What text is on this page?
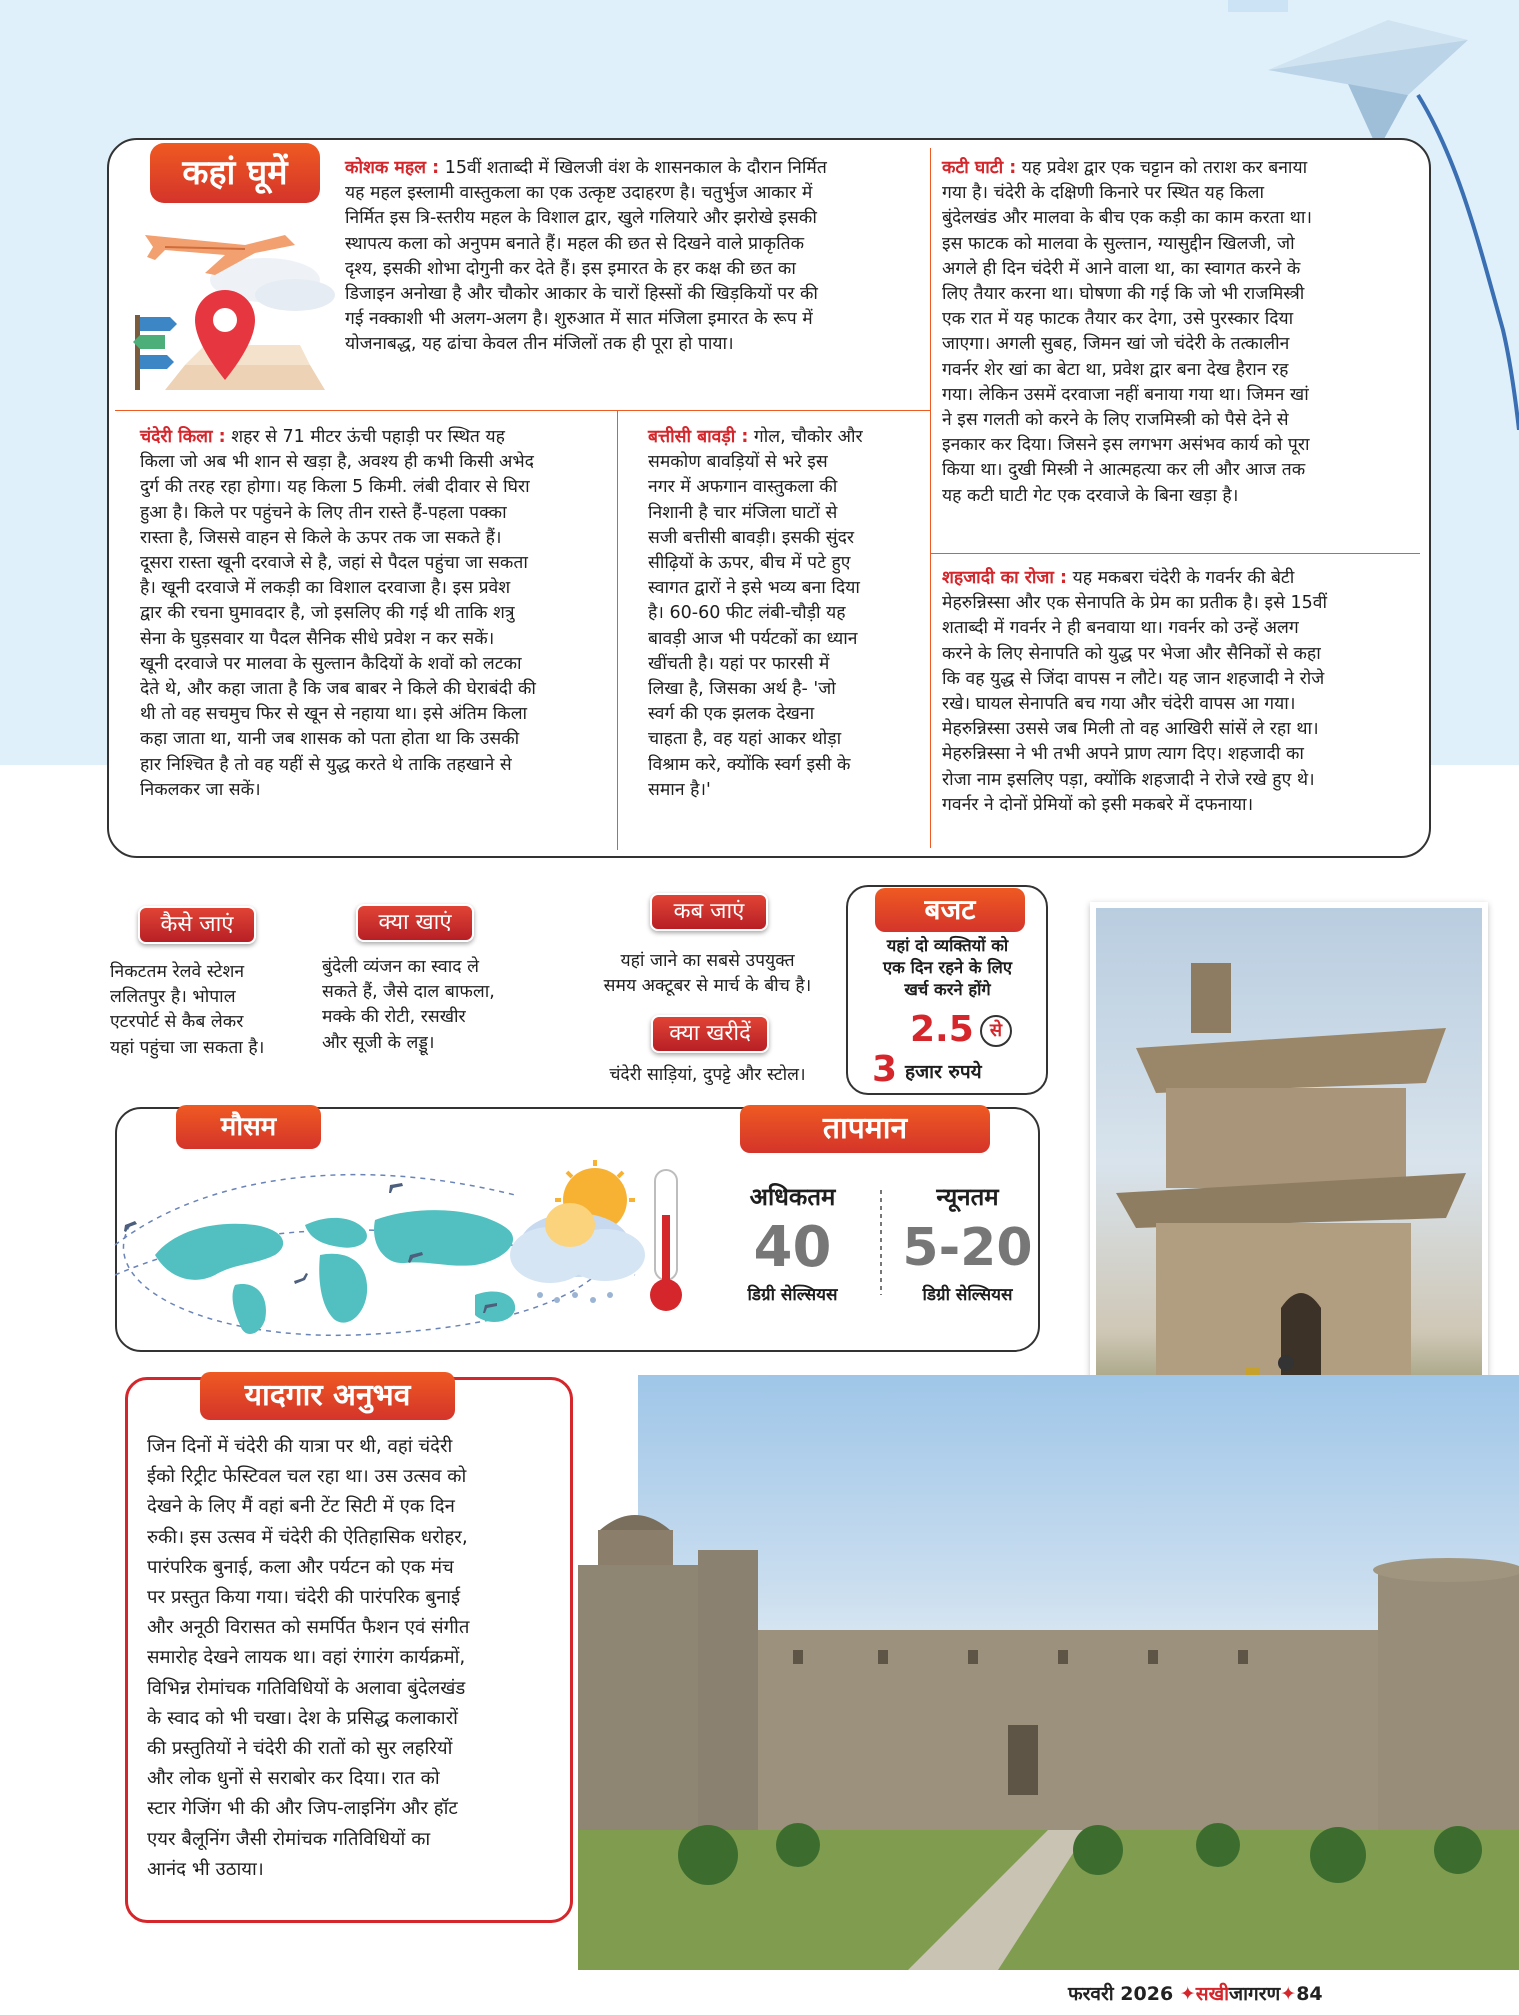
कहां घूमें	कोशक महल : 15वीं शताब्दी में खिलजी वंश के शासनकाल के दौरान निर्मित
यह महल इस्लामी वास्तुकला का एक उत्कृष्ट उदाहरण है। चतुर्भुज आकार में
निर्मित इस त्रि-स्तरीय महल के विशाल द्वार, खुले गलियारे और झरोखे इसकी
स्थापत्य कला को अनुपम बनाते हैं। महल की छत से दिखने वाले प्राकृतिक
दृश्य, इसकी शोभा दोगुनी कर देते हैं। इस इमारत के हर कक्ष की छत का
डिजाइन अनोखा है और चौकोर आकार के चारों हिस्सों की खिड़कियों पर की
गई नक्काशी भी अलग-अलग है। शुरुआत में सात मंजिला इमारत के रूप में
योजनाबद्ध, यह ढांचा केवल तीन मंजिलों तक ही पूरा हो पाया।
चंदेरी किला : शहर से 71 मीटर ऊंची पहाड़ी पर स्थित यह
किला जो अब भी शान से खड़ा है, अवश्य ही कभी किसी अभेद
दुर्ग की तरह रहा होगा। यह किला 5 किमी. लंबी दीवार से घिरा
हुआ है। किले पर पहुंचने के लिए तीन रास्ते हैं-पहला पक्का
रास्ता है, जिससे वाहन से किले के ऊपर तक जा सकते हैं।
दूसरा रास्ता खूनी दरवाजे से है, जहां से पैदल पहुंचा जा सकता
है। खूनी दरवाजे में लकड़ी का विशाल दरवाजा है। इस प्रवेश
द्वार की रचना घुमावदार है, जो इसलिए की गई थी ताकि शत्रु
सेना के घुड़सवार या पैदल सैनिक सीधे प्रवेश न कर सकें।
खूनी दरवाजे पर मालवा के सुल्तान कैदियों के शवों को लटका
देते थे, और कहा जाता है कि जब बाबर ने किले की घेराबंदी की
थी तो वह सचमुच फिर से खून से नहाया था। इसे अंतिम किला
कहा जाता था, यानी जब शासक को पता होता था कि उसकी
हार निश्चित है तो वह यहीं से युद्ध करते थे ताकि तहखाने से
निकलकर जा सकें।
बत्तीसी बावड़ी : गोल, चौकोर और
समकोण बावड़ियों से भरे इस
नगर में अफगान वास्तुकला की
निशानी है चार मंजिला घाटों से
सजी बत्तीसी बावड़ी। इसकी सुंदर
सीढ़ियों के ऊपर, बीच में पटे हुए
स्वागत द्वारों ने इसे भव्य बना दिया
है। 60-60 फीट लंबी-चौड़ी यह
बावड़ी आज भी पर्यटकों का ध्यान
खींचती है। यहां पर फारसी में
लिखा है, जिसका अर्थ है- 'जो
स्वर्ग की एक झलक देखना
चाहता है, वह यहां आकर थोड़ा
विश्राम करे, क्योंकि स्वर्ग इसी के
समान है।'
कटी घाटी : यह प्रवेश द्वार एक चट्टान को तराश कर बनाया
गया है। चंदेरी के दक्षिणी किनारे पर स्थित यह किला
बुंदेलखंड और मालवा के बीच एक कड़ी का काम करता था।
इस फाटक को मालवा के सुल्तान, ग्यासुद्दीन खिलजी, जो
अगले ही दिन चंदेरी में आने वाला था, का स्वागत करने के
लिए तैयार करना था। घोषणा की गई कि जो भी राजमिस्त्री
एक रात में यह फाटक तैयार कर देगा, उसे पुरस्कार दिया
जाएगा। अगली सुबह, जिमन खां जो चंदेरी के तत्कालीन
गवर्नर शेर खां का बेटा था, प्रवेश द्वार बना देख हैरान रह
गया। लेकिन उसमें दरवाजा नहीं बनाया गया था। जिमन खां
ने इस गलती को करने के लिए राजमिस्त्री को पैसे देने से
इनकार कर दिया। जिसने इस लगभग असंभव कार्य को पूरा
किया था। दुखी मिस्त्री ने आत्महत्या कर ली और आज तक
यह कटी घाटी गेट एक दरवाजे के बिना खड़ा है।
शहजादी का रोजा : यह मकबरा चंदेरी के गवर्नर की बेटी
मेहरुन्निस्सा और एक सेनापति के प्रेम का प्रतीक है। इसे 15वीं
शताब्दी में गवर्नर ने ही बनवाया था। गवर्नर को उन्हें अलग
करने के लिए सेनापति को युद्ध पर भेजा और सैनिकों से कहा
कि वह युद्ध से जिंदा वापस न लौटे। यह जान शहजादी ने रोजे
रखे। घायल सेनापति बच गया और चंदेरी वापस आ गया।
मेहरुन्निस्सा उससे जब मिली तो वह आखिरी सांसें ले रहा था।
मेहरुन्निस्सा ने भी तभी अपने प्राण त्याग दिए। शहजादी का
रोजा नाम इसलिए पड़ा, क्योंकि शहजादी ने रोजे रखे हुए थे।
गवर्नर ने दोनों प्रेमियों को इसी मकबरे में दफनाया।
कैसे जाएं
निकटतम रेलवे स्टेशन
ललितपुर है। भोपाल
एटरपोर्ट से कैब लेकर
यहां पहुंचा जा सकता है।
क्या खाएं
बुंदेली व्यंजन का स्वाद ले
सकते हैं, जैसे दाल बाफला,
मक्के की रोटी, रसखीर
और सूजी के लड्डू।
कब जाएं
यहां जाने का सबसे उपयुक्त
समय अक्टूबर से मार्च के बीच है।
क्या खरीदें
चंदेरी साड़ियां, दुपट्टे और स्टोल।
बजट
यहां दो व्यक्तियों को
एक दिन रहने के लिए
खर्च करने होंगे
2.5 से
3 हजार रुपये
मौसम	तापमान
अधिकतम
40
डिग्री सेल्सियस
न्यूनतम
5-20
डिग्री सेल्सियस
यादगार अनुभव
जिन दिनों में चंदेरी की यात्रा पर थी, वहां चंदेरी
ईको रिट्रीट फेस्टिवल चल रहा था। उस उत्सव को
देखने के लिए मैं वहां बनी टेंट सिटी में एक दिन
रुकी। इस उत्सव में चंदेरी की ऐतिहासिक धरोहर,
पारंपरिक बुनाई, कला और पर्यटन को एक मंच
पर प्रस्तुत किया गया। चंदेरी की पारंपरिक बुनाई
और अनूठी विरासत को समर्पित फैशन एवं संगीत
समारोह देखने लायक था। वहां रंगारंग कार्यक्रमों,
विभिन्न रोमांचक गतिविधियों के अलावा बुंदेलखंड
के स्वाद को भी चखा। देश के प्रसिद्ध कलाकारों
की प्रस्तुतियों ने चंदेरी की रातों को सुर लहरियों
और लोक धुनों से सराबोर कर दिया। रात को
स्टार गेजिंग भी की और जिप-लाइनिंग और हॉट
एयर बैलूनिंग जैसी रोमांचक गतिविधियों का
आनंद भी उठाया।
फरवरी 2026 ✦सखीजागरण✦84
